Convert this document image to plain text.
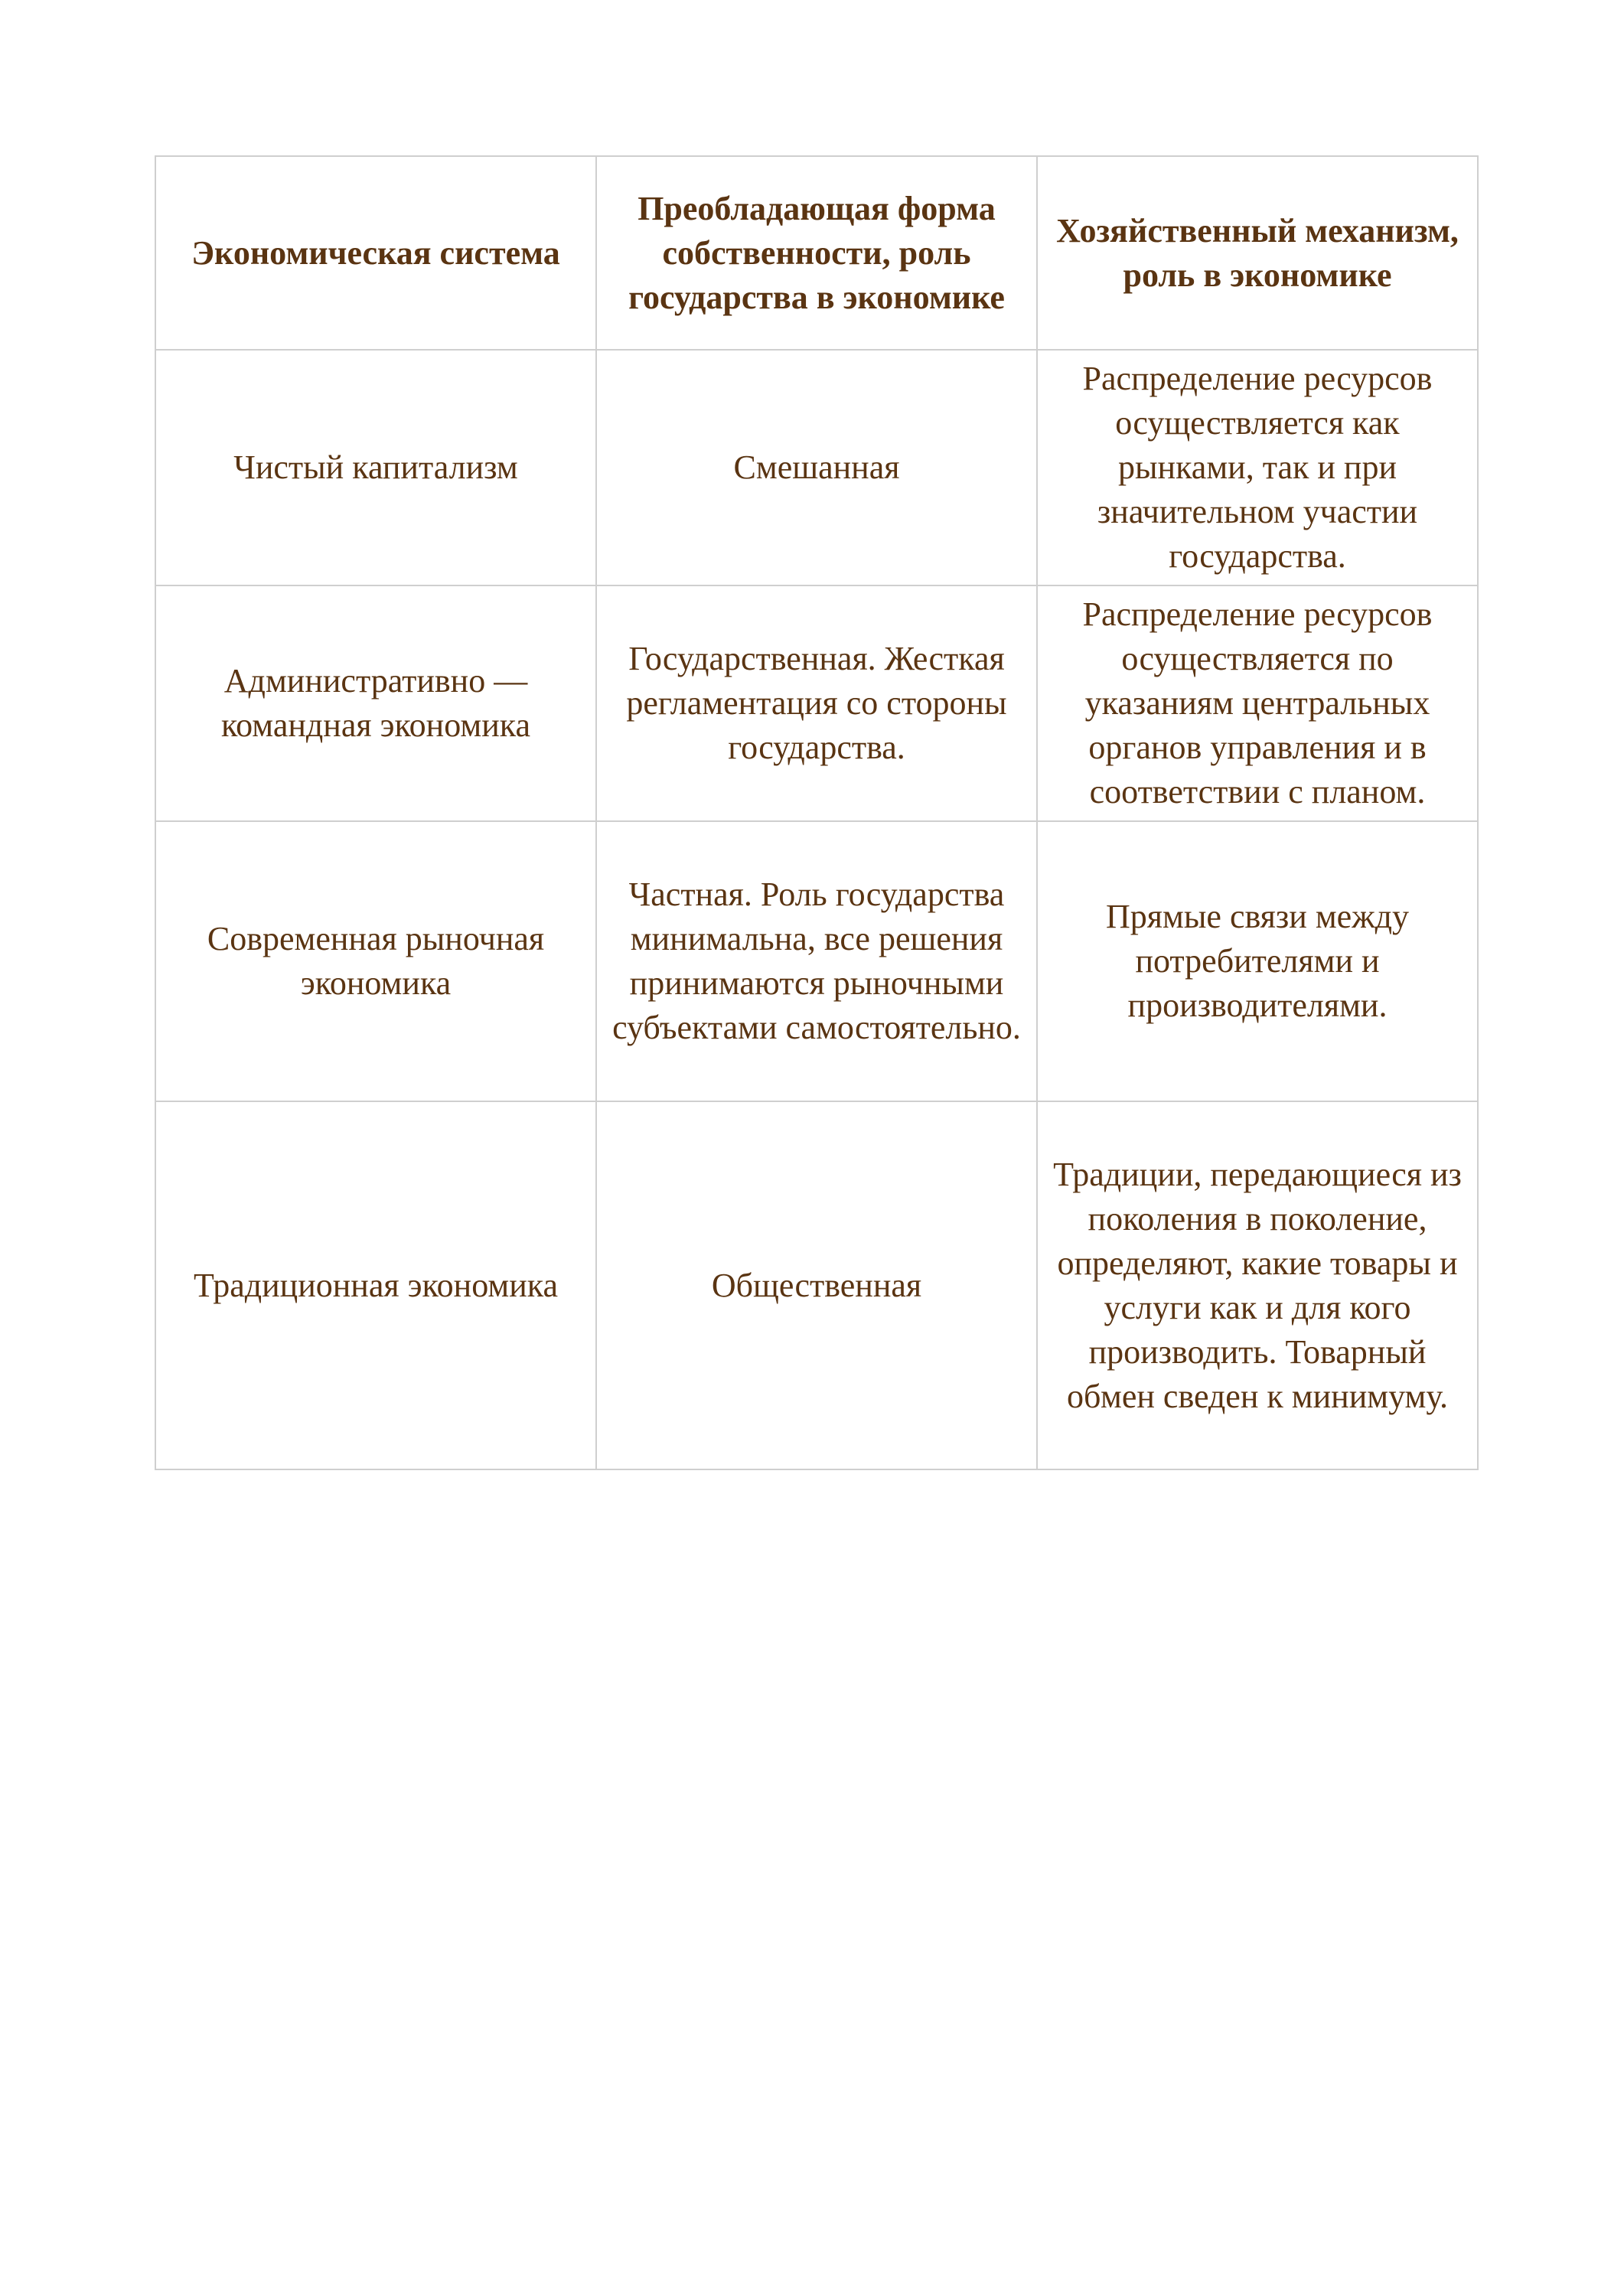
Экономическая система	Преобладающая форма собственности, роль государства в экономике	Хозяйственный механизм, роль в экономике
Чистый капитализм	Смешанная	Распределение ресурсов осуществляется как рынками, так и при значительном участии государства.
Административно — командная экономика	Государственная. Жесткая регламентация со стороны государства.	Распределение ресурсов осуществляется по указаниям центральных органов управления и в соответствии с планом.
Современная рыночная экономика	Частная. Роль государства минимальна, все решения принимаются рыночными субъектами самостоятельно.	Прямые связи между потребителями и производителями.
Традиционная экономика	Общественная	Традиции, передающиеся из поколения в поколение, определяют, какие товары и услуги как и для кого производить. Товарный обмен сведен к минимуму.
